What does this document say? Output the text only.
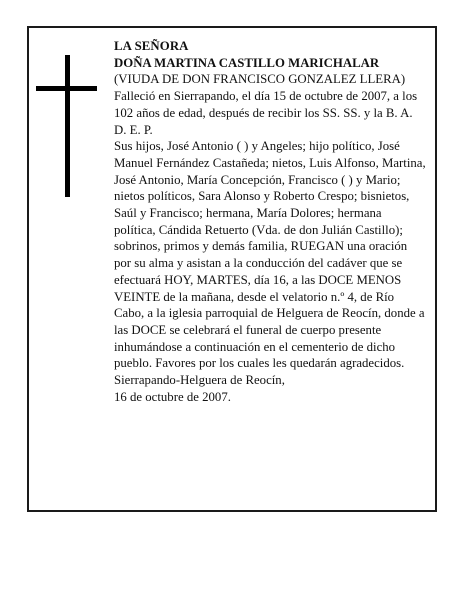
LA SEÑORA

DOÑA MARTINA CASTILLO MARICHALAR

(VIUDA DE DON FRANCISCO GONZALEZ LLERA)

Falleció en Sierrapando, el día 15 de octubre de 2007, a los 102 años de edad, después de recibir los SS. SS. y la B. A.

D. E. P.

Sus hijos, José Antonio ( ) y Angeles; hijo político, José Manuel Fernández Castañeda; nietos, Luis Alfonso, Martina, José Antonio, María Concepción, Francisco ( ) y Mario; nietos políticos, Sara Alonso y Roberto Crespo; bisnietos, Saúl y Francisco; hermana, María Dolores; hermana política, Cándida Retuerto (Vda. de don Julián Castillo); sobrinos, primos y demás familia, RUEGAN una oración por su alma y asistan a la conducción del cadáver que se efectuará HOY, MARTES, día 16, a las DOCE MENOS VEINTE de la mañana, desde el velatorio n.º 4, de Río Cabo, a la iglesia parroquial de Helguera de Reocín, donde a las DOCE se celebrará el funeral de cuerpo presente inhumándose a continuación en el cementerio de dicho pueblo. Favores por los cuales les quedarán agradecidos.

Sierrapando-Helguera de Reocín,

16 de octubre de 2007.
